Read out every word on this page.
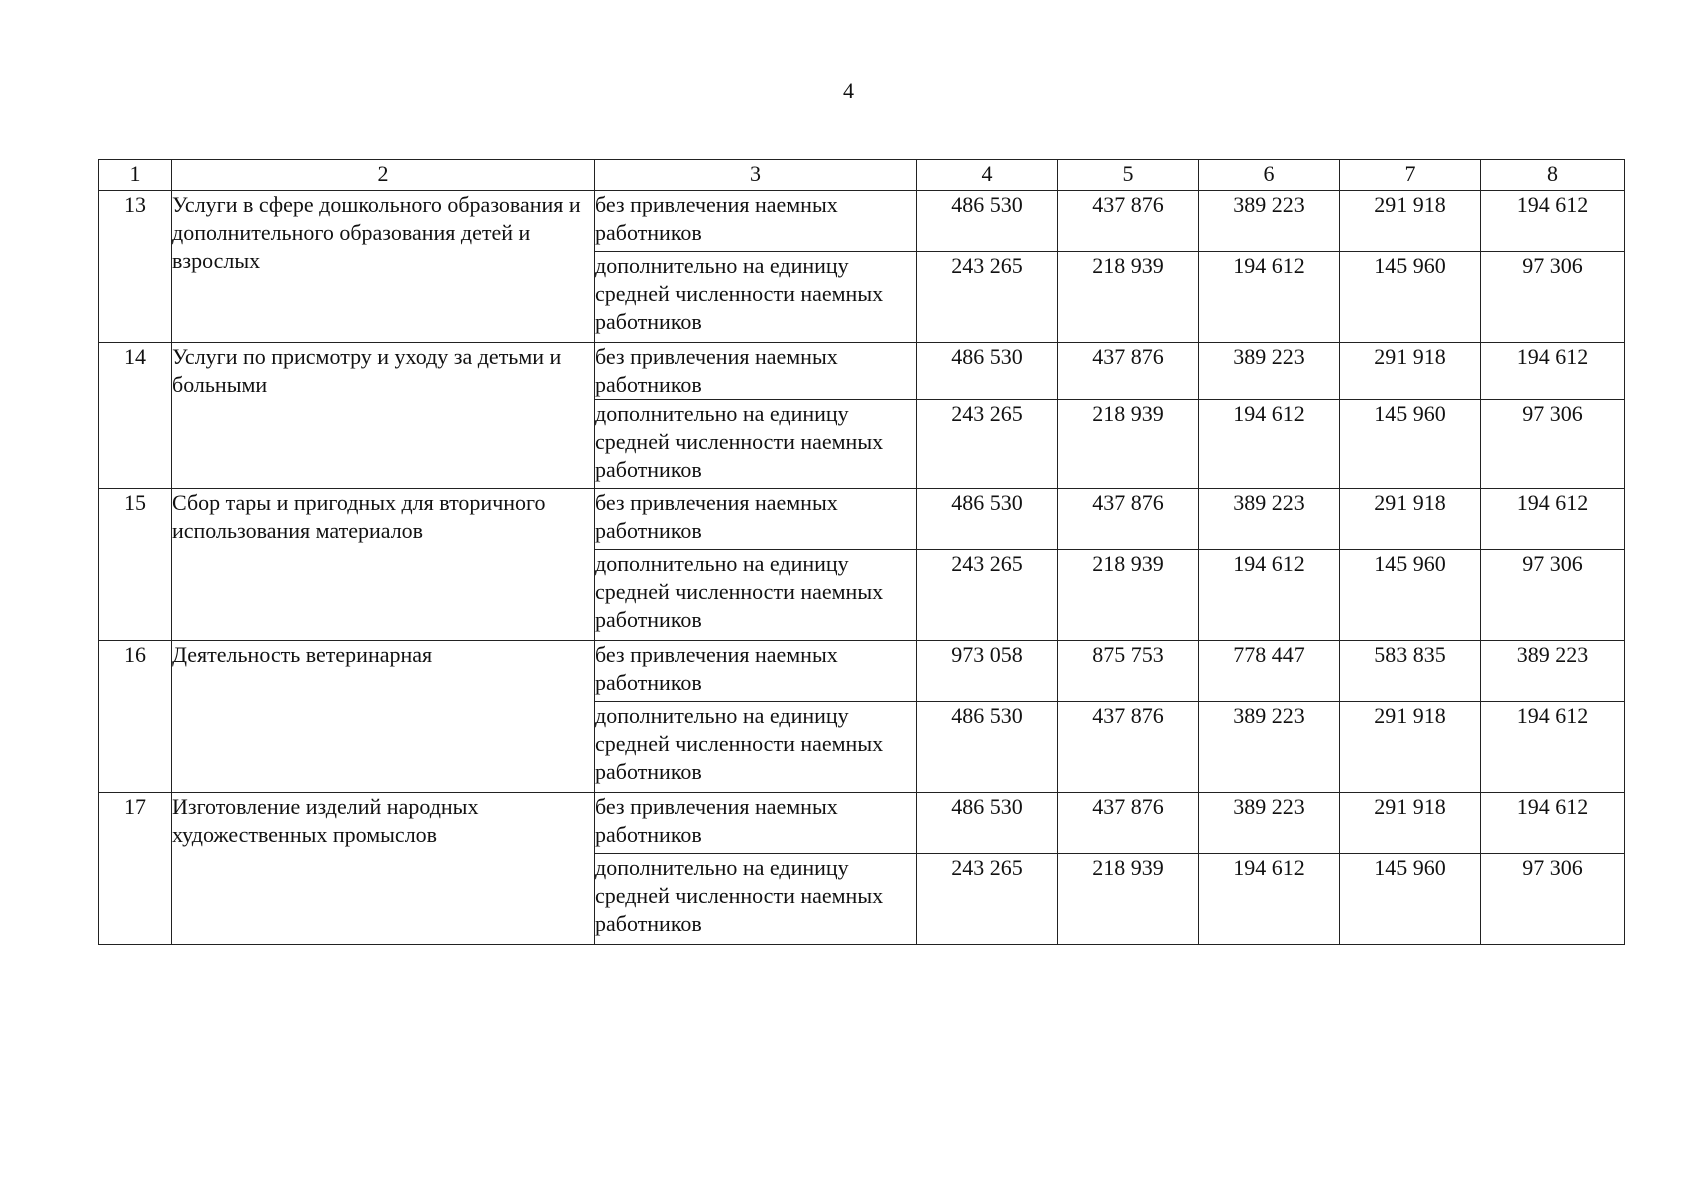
4
1	2	3	4	5	6	7	8
13	Услуги в сфере дошкольного образования и дополнительного образования детей и взрослых	без привлечения наемных работников	486 530	437 876	389 223	291 918	194 612
		дополнительно на единицу средней численности наемных работников	243 265	218 939	194 612	145 960	97 306
14	Услуги по присмотру и уходу за детьми и больными	без привлечения наемных работников	486 530	437 876	389 223	291 918	194 612
		дополнительно на единицу средней численности наемных работников	243 265	218 939	194 612	145 960	97 306
15	Сбор тары и пригодных для вторичного использования материалов	без привлечения наемных работников	486 530	437 876	389 223	291 918	194 612
		дополнительно на единицу средней численности наемных работников	243 265	218 939	194 612	145 960	97 306
16	Деятельность ветеринарная	без привлечения наемных работников	973 058	875 753	778 447	583 835	389 223
		дополнительно на единицу средней численности наемных работников	486 530	437 876	389 223	291 918	194 612
17	Изготовление изделий народных художественных промыслов	без привлечения наемных работников	486 530	437 876	389 223	291 918	194 612
		дополнительно на единицу средней численности наемных работников	243 265	218 939	194 612	145 960	97 306
